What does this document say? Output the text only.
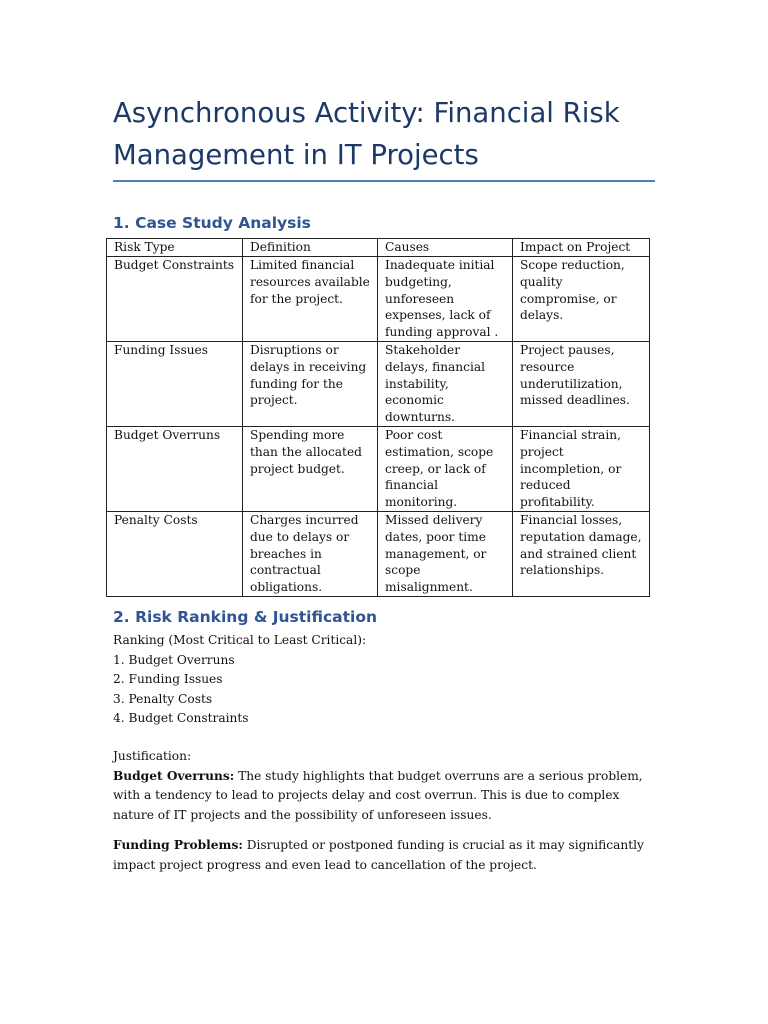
Asynchronous Activity: Financial Risk Management in IT Projects
1. Case Study Analysis
Risk Type	Definition	Causes	Impact on Project
Budget Constraints	Limited financial resources available for the project.	Inadequate initial budgeting, unforeseen expenses, lack of funding approval .	Scope reduction, quality compromise, or delays.
Funding Issues	Disruptions or delays in receiving funding for the project.	Stakeholder delays, financial instability, economic downturns.	Project pauses, resource underutilization, missed deadlines.
Budget Overruns	Spending more than the allocated project budget.	Poor cost estimation, scope creep, or lack of financial monitoring.	Financial strain, project incompletion, or reduced profitability.
Penalty Costs	Charges incurred due to delays or breaches in contractual obligations.	Missed delivery dates, poor time management, or scope misalignment.	Financial losses, reputation damage, and strained client relationships.
2. Risk Ranking & Justification

Ranking (Most Critical to Least Critical):

1. Budget Overruns

2. Funding Issues

3. Penalty Costs

4. Budget Constraints

Justification:

Budget Overruns: The study highlights that budget overruns are a serious problem, with a tendency to lead to projects delay and cost overrun. This is due to complex nature of IT projects and the possibility of unforeseen issues.

Funding Problems: Disrupted or postponed funding is crucial as it may significantly impact project progress and even lead to cancellation of the project.
